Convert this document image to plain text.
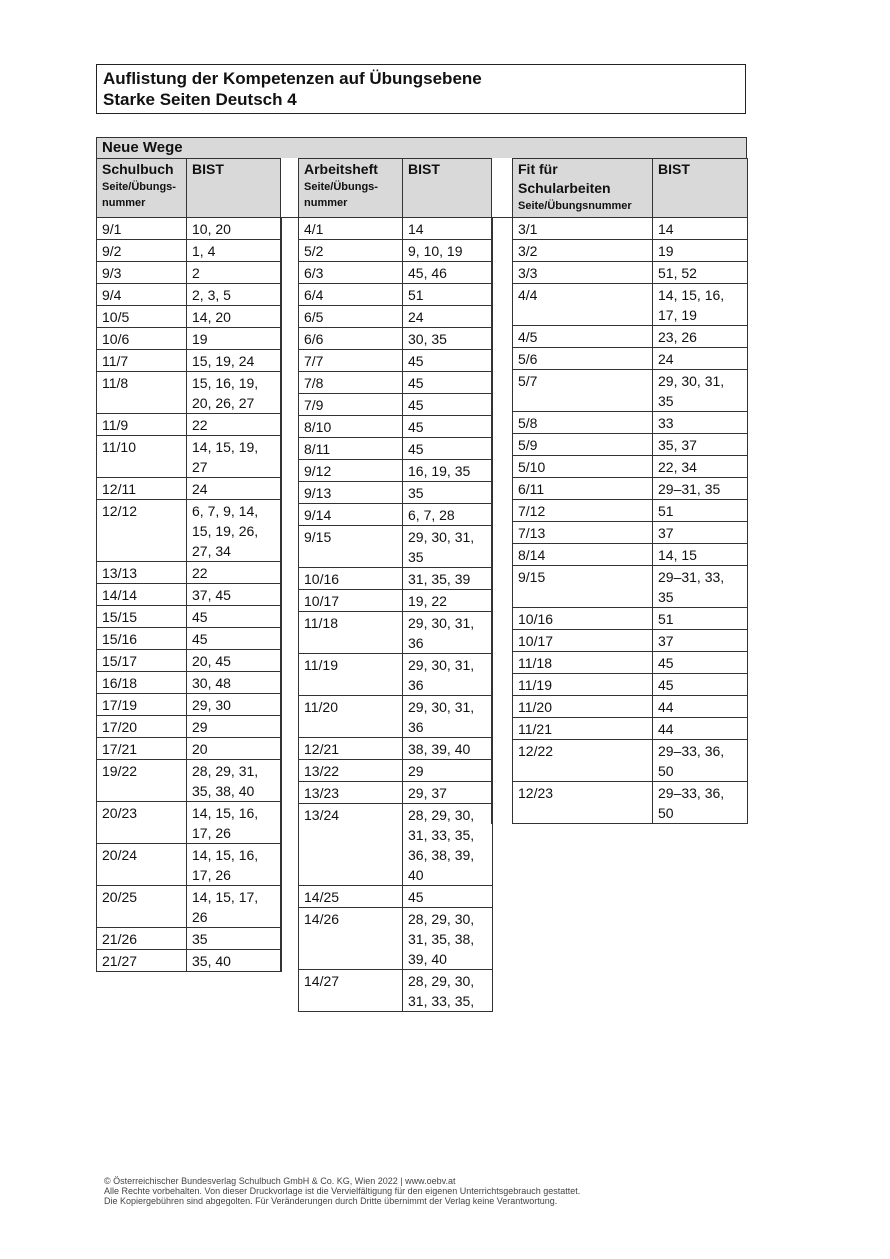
Auflistung der Kompetenzen auf Übungsebene
Starke Seiten Deutsch 4
Neue Wege
Schulbuch
Seite/Übungs-nummer	BIST
9/1	10, 20
9/2	1, 4
9/3	2
9/4	2, 3, 5
10/5	14, 20
10/6	19
11/7	15, 19, 24
11/8	15, 16, 19, 20, 26, 27
11/9	22
11/10	14, 15, 19, 27
12/11	24
12/12	6, 7, 9, 14, 15, 19, 26, 27, 34
13/13	22
14/14	37, 45
15/15	45
15/16	45
15/17	20, 45
16/18	30, 48
17/19	29, 30
17/20	29
17/21	20
19/22	28, 29, 31, 35, 38, 40
20/23	14, 15, 16, 17, 26
20/24	14, 15, 16, 17, 26
20/25	14, 15, 17, 26
21/26	35
21/27	35, 40
Arbeitsheft
Seite/Übungs-nummer	BIST
4/1	14
5/2	9, 10, 19
6/3	45, 46
6/4	51
6/5	24
6/6	30, 35
7/7	45
7/8	45
7/9	45
8/10	45
8/11	45
9/12	16, 19, 35
9/13	35
9/14	6, 7, 28
9/15	29, 30, 31, 35
10/16	31, 35, 39
10/17	19, 22
11/18	29, 30, 31, 36
11/19	29, 30, 31, 36
11/20	29, 30, 31, 36
12/21	38, 39, 40
13/22	29
13/23	29, 37
13/24	28, 29, 30, 31, 33, 35, 36, 38, 39, 40
14/25	45
14/26	28, 29, 30, 31, 35, 38, 39, 40
14/27	28, 29, 30, 31, 33, 35,
Fit für Schularbeiten
Seite/Übungsnummer	BIST
3/1	14
3/2	19
3/3	51, 52
4/4	14, 15, 16, 17, 19
4/5	23, 26
5/6	24
5/7	29, 30, 31, 35
5/8	33
5/9	35, 37
5/10	22, 34
6/11	29–31, 35
7/12	51
7/13	37
8/14	14, 15
9/15	29–31, 33, 35
10/16	51
10/17	37
11/18	45
11/19	45
11/20	44
11/21	44
12/22	29–33, 36, 50
12/23	29–33, 36, 50
© Österreichischer Bundesverlag Schulbuch GmbH & Co. KG, Wien 2022 | www.oebv.at
Alle Rechte vorbehalten. Von dieser Druckvorlage ist die Vervielfältigung für den eigenen Unterrichtsgebrauch gestattet.
Die Kopiergebühren sind abgegolten. Für Veränderungen durch Dritte übernimmt der Verlag keine Verantwortung.
